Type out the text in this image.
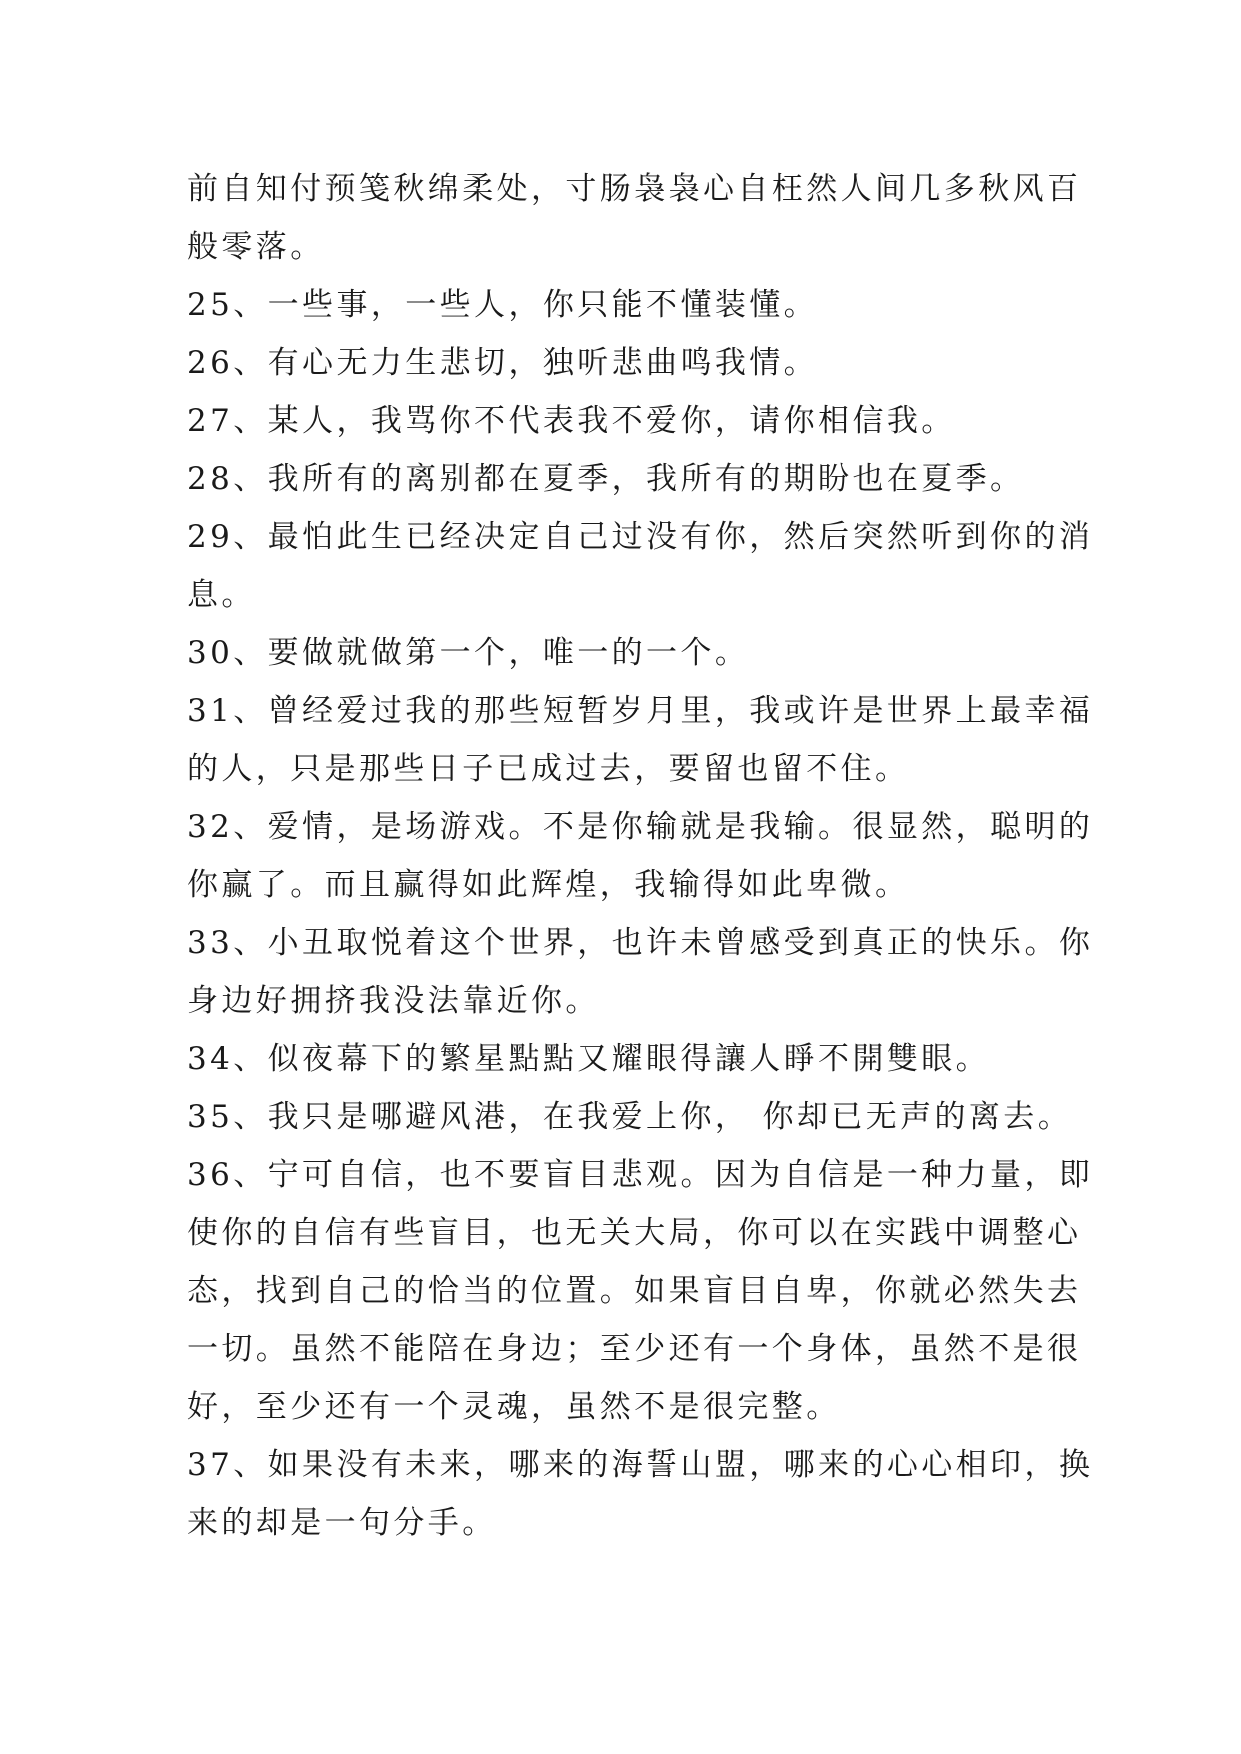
前自知付预笺秋绵柔处，寸肠袅袅心自枉然人间几多秋风百
般零落。
25、一些事，一些人，你只能不懂装懂。
26、有心无力生悲切，独听悲曲鸣我情。
27、某人，我骂你不代表我不爱你，请你相信我。
28、我所有的离别都在夏季，我所有的期盼也在夏季。
29、最怕此生已经决定自己过没有你，然后突然听到你的消
息。
30、要做就做第一个，唯一的一个。
31、曾经爱过我的那些短暂岁月里，我或许是世界上最幸福
的人，只是那些日子已成过去，要留也留不住。
32、爱情，是场游戏。不是你输就是我输。很显然，聪明的
你赢了。而且赢得如此辉煌，我输得如此卑微。
33、小丑取悦着这个世界，也许未曾感受到真正的快乐。你
身边好拥挤我没法靠近你。
34、似夜幕下的繁星點點又耀眼得讓人睜不開雙眼。
35、我只是哪避风港，在我爱上你， 你却已无声的离去。
36、宁可自信，也不要盲目悲观。因为自信是一种力量，即
使你的自信有些盲目，也无关大局，你可以在实践中调整心
态，找到自己的恰当的位置。如果盲目自卑，你就必然失去
一切。虽然不能陪在身边；至少还有一个身体，虽然不是很
好，至少还有一个灵魂，虽然不是很完整。
37、如果没有未来，哪来的海誓山盟，哪来的心心相印，换
来的却是一句分手。
